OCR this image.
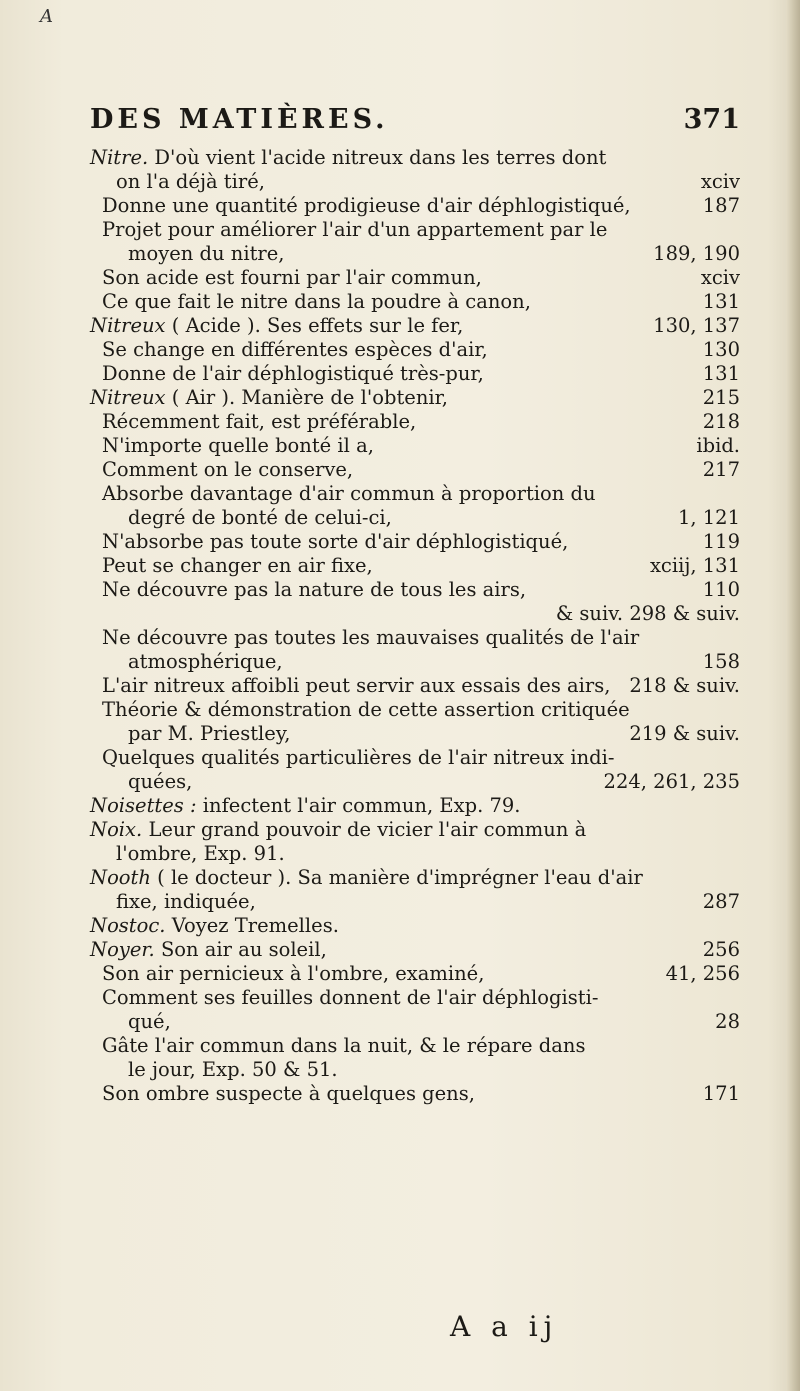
A
DES MATIÈRES.	371
Nitre. D'où vient l'acide nitreux dans les terres dont
on l'a déjà tiré,	xciv
Donne une quantité prodigieuse d'air déphlogistiqué,	187
Projet pour améliorer l'air d'un appartement par le
moyen du nitre,	189, 190
Son acide est fourni par l'air commun,	xciv
Ce que fait le nitre dans la poudre à canon,	131
Nitreux ( Acide ). Ses effets sur le fer,	130, 137
Se change en différentes espèces d'air,	130
Donne de l'air déphlogistiqué très-pur,	131
Nitreux ( Air ). Manière de l'obtenir,	215
Récemment fait, est préférable,	218
N'importe quelle bonté il a,	ibid.
Comment on le conserve,	217
Absorbe davantage d'air commun à proportion du
degré de bonté de celui-ci,	1, 121
N'absorbe pas toute sorte d'air déphlogistiqué,	119
Peut se changer en air fixe,	xciij, 131
Ne découvre pas la nature de tous les airs,	110
& suiv. 298 & suiv.
Ne découvre pas toutes les mauvaises qualités de l'air
atmosphérique,	158
L'air nitreux affoibli peut servir aux essais des airs, 218 & suiv.
Théorie & démonstration de cette assertion critiquée
par M. Priestley,	219 & suiv.
Quelques qualités particulières de l'air nitreux indi-
quées,	224, 261, 235
Noisettes : infectent l'air commun, Exp. 79.
Noix. Leur grand pouvoir de vicier l'air commun à
l'ombre, Exp. 91.
Nooth ( le docteur ). Sa manière d'imprégner l'eau d'air
fixe, indiquée,	287
Nostoc. Voyez Tremelles.
Noyer. Son air au soleil,	256
Son air pernicieux à l'ombre, examiné,	41, 256
Comment ses feuilles donnent de l'air déphlogisti-
qué,	28
Gâte l'air commun dans la nuit, & le répare dans
le jour, Exp. 50 & 51.
Son ombre suspecte à quelques gens,	171
A a ij
